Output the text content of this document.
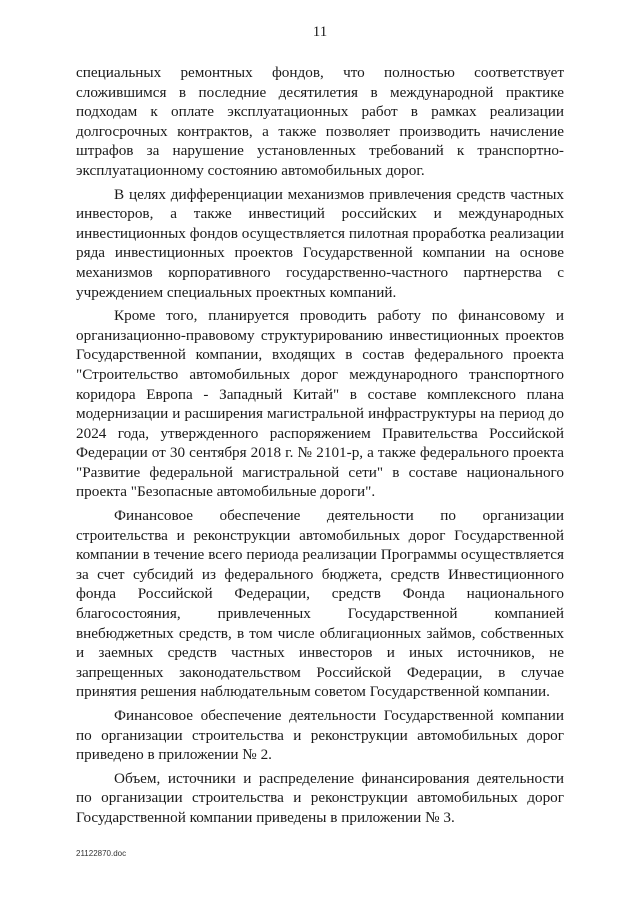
11

специальных ремонтных фондов, что полностью соответствует сложившимся в последние десятилетия в международной практике подходам к оплате эксплуатационных работ в рамках реализации долгосрочных контрактов, а также позволяет производить начисление штрафов за нарушение установленных требований к транспортно-эксплуатационному состоянию автомобильных дорог.

В целях дифференциации механизмов привлечения средств частных инвесторов, а также инвестиций российских и международных инвестиционных фондов осуществляется пилотная проработка реализации ряда инвестиционных проектов Государственной компании на основе механизмов корпоративного государственно-частного партнерства с учреждением специальных проектных компаний.

Кроме того, планируется проводить работу по финансовому и организационно-правовому структурированию инвестиционных проектов Государственной компании, входящих в состав федерального проекта "Строительство автомобильных дорог международного транспортного коридора Европа - Западный Китай" в составе комплексного плана модернизации и расширения магистральной инфраструктуры на период до 2024 года, утвержденного распоряжением Правительства Российской Федерации от 30 сентября 2018 г. № 2101-р, а также федерального проекта "Развитие федеральной магистральной сети" в составе национального проекта "Безопасные автомобильные дороги".

Финансовое обеспечение деятельности по организации строительства и реконструкции автомобильных дорог Государственной компании в течение всего периода реализации Программы осуществляется за счет субсидий из федерального бюджета, средств Инвестиционного фонда Российской Федерации, средств Фонда национального благосостояния, привлеченных Государственной компанией внебюджетных средств, в том числе облигационных займов, собственных и заемных средств частных инвесторов и иных источников, не запрещенных законодательством Российской Федерации, в случае принятия решения наблюдательным советом Государственной компании.

Финансовое обеспечение деятельности Государственной компании по организации строительства и реконструкции автомобильных дорог приведено в приложении № 2.

Объем, источники и распределение финансирования деятельности по организации строительства и реконструкции автомобильных дорог Государственной компании приведены в приложении № 3.

21122870.doc
